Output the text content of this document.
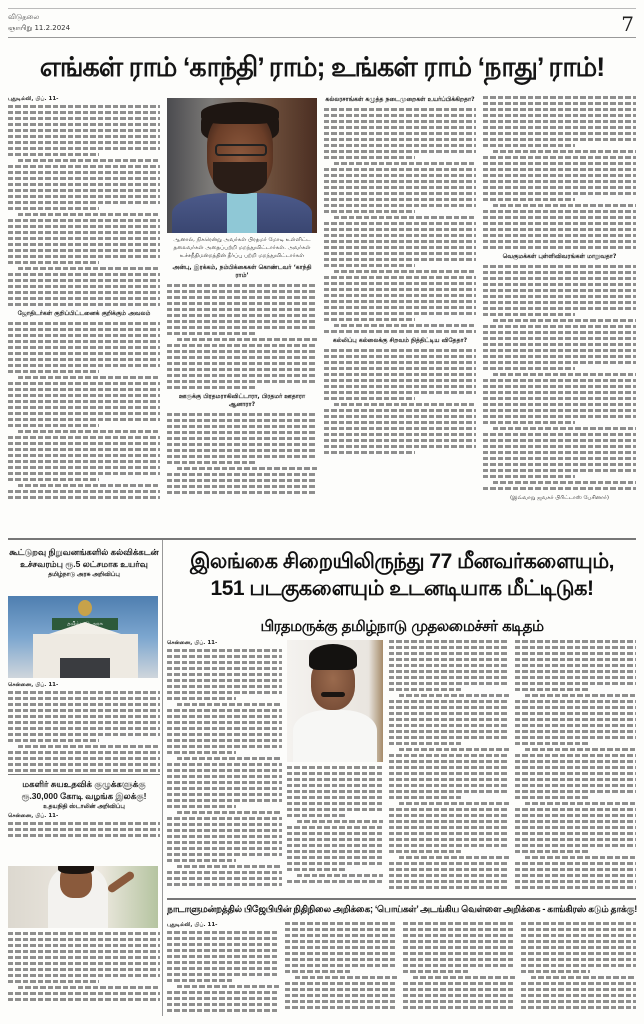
விடுதலை
ஞாயிறு 11.2.2024	7
எங்கள் ராம் ‘காந்தி’ ராம்; உங்கள் ராம் ‘நாது’ ராம்!
புதுடில்லி, பிப். 11-
ஜோதிடர்கள் குறிப்பிட்டனைக் குறிக்கும் அவலம்
ஆனால், நிகரென்று அவர்கள் பிரதமர் மோடி உள்ளிட்ட தலைவர்கள் அதைப்பற்றி மறந்துவிட்டார்கள். அவர்கள் உச்சநீதிமன்றத்தின் தீர்ப்பு பற்றி மறந்துவிட்டார்கள்
அன்பு, இரக்கம், நம்பிக்கைகள் கொண்டவர் ‘காந்தி ராம்’
ஊருக்கு பிரதமராகிவிட்டாரா, பிரதமர் ஊதாரா ஆனாரா?
கல்லரசாங்கள் கழுத்த நடைமுறைகள் உயர்ப்பிக்கிறதா?
கல்லிப்பு கல்லைக்கு சிறவம் நித்திட்டிய விதேதா?
வெகுமக்கள் புள்ளிவிவரங்கள் மாறுவதா?
(இவ்வாறு ஜவகர் பிரிட்டாஸ் பேசினார்)
கூட்டுறவு நிறுவனங்களில் கல்விக்கடன் உச்சவரம்பு ரூ.5 லட்சமாக உயர்வு
தமிழ்நாடு அரசு அறிவிப்பு
தமிழ்நாடு அரசு
சென்னை, பிப். 11-
மகளிர் சுயஉதவிக் குழுக்களுக்கு ரூ.30,000 கோடி வழங்க இலக்கு!
உதயநிதி ஸ்டாலின் அறிவிப்பு
சென்னை, பிப். 11-
இலங்கை சிறையிலிருந்து 77 மீனவர்களையும்,
151 படகுகளையும் உடனடியாக மீட்டிடுக!
பிரதமருக்கு தமிழ்நாடு முதலமைச்சர் கடிதம்
சென்னை, பிப். 11-
நாடாளுமன்றத்தில் பிஜேபியின் நிதிநிலை அறிக்கை; ‘பொய்கள்’ அடங்கிய வெள்ளை அறிக்கை - காங்கிரஸ் கடும் தாக்கு!
புதுடில்லி, பிப். 11-
